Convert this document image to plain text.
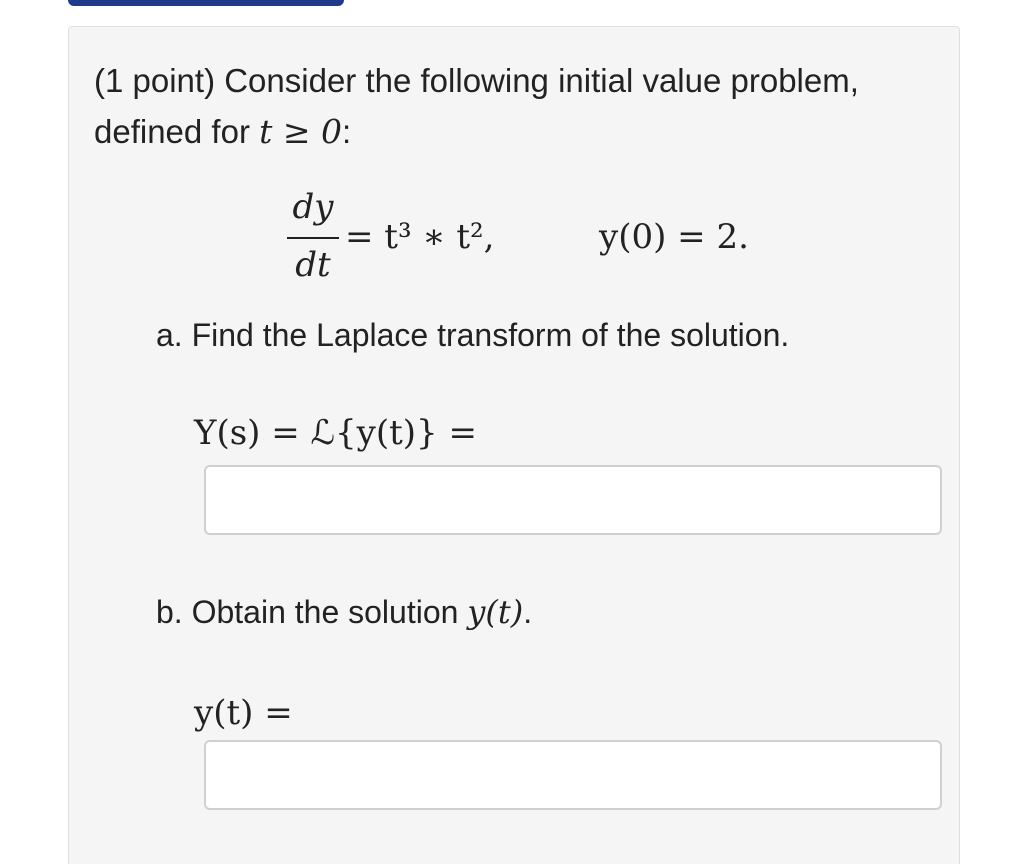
(1 point) Consider the following initial value problem,
defined for t ≥ 0:
dy
dt
= t³ ∗ t²,	y(0) = 2.
a. Find the Laplace transform of the solution.
Y(s) = ℒ{y(t)} =
b. Obtain the solution y(t).
y(t) =
